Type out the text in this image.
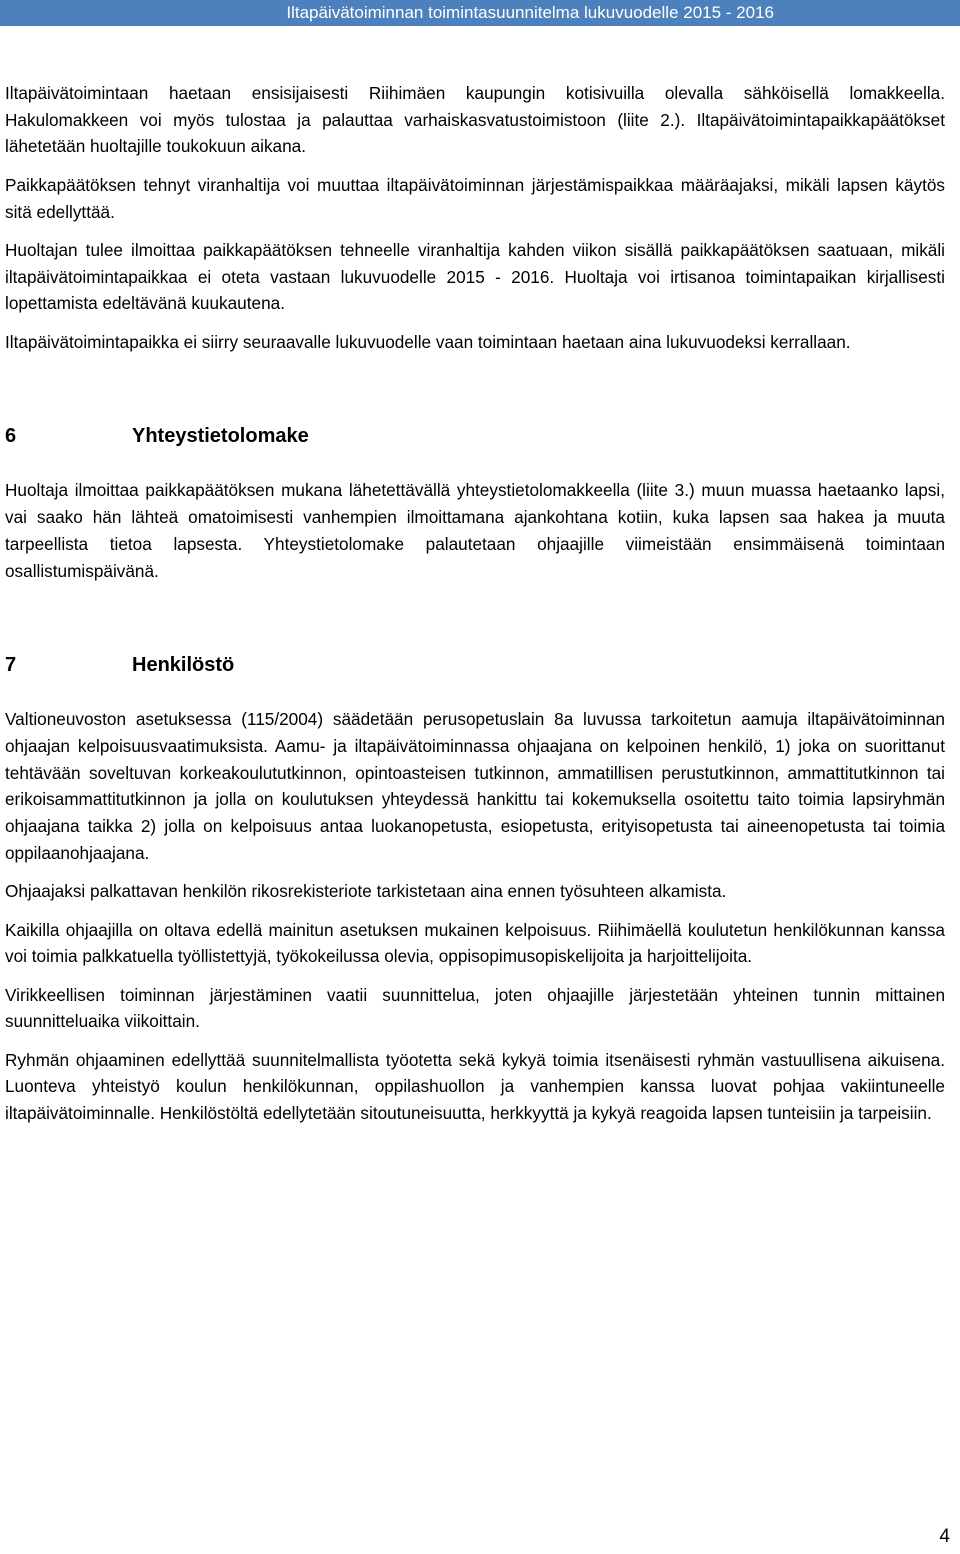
Iltapäivätoiminnan toimintasuunnitelma lukuvuodelle 2015 - 2016

Iltapäivätoimintaan haetaan ensisijaisesti Riihimäen kaupungin kotisivuilla olevalla sähköisellä lomakkeella. Hakulomakkeen voi myös tulostaa ja palauttaa varhaiskasvatustoimistoon (liite 2.). Iltapäivätoimintapaikkapäätökset lähetetään huoltajille toukokuun aikana.

Paikkapäätöksen tehnyt viranhaltija voi muuttaa iltapäivätoiminnan järjestämispaikkaa määräajaksi, mikäli lapsen käytös sitä edellyttää.

Huoltajan tulee ilmoittaa paikkapäätöksen tehneelle viranhaltija kahden viikon sisällä paikkapäätöksen saatuaan, mikäli iltapäivätoimintapaikkaa ei oteta vastaan lukuvuodelle 2015 - 2016. Huoltaja voi irtisanoa toimintapaikan kirjallisesti lopettamista edeltävänä kuukautena.

Iltapäivätoimintapaikka ei siirry seuraavalle lukuvuodelle vaan toimintaan haetaan aina lukuvuodeksi kerrallaan.

6	Yhteystietolomake

Huoltaja ilmoittaa paikkapäätöksen mukana lähetettävällä yhteystietolomakkeella (liite 3.) muun muassa haetaanko lapsi, vai saako hän lähteä omatoimisesti vanhempien ilmoittamana ajankohtana kotiin, kuka lapsen saa hakea ja muuta tarpeellista tietoa lapsesta. Yhteystietolomake palautetaan ohjaajille viimeistään ensimmäisenä toimintaan osallistumispäivänä.

7	Henkilöstö

Valtioneuvoston asetuksessa (115/2004) säädetään perusopetuslain 8a luvussa tarkoitetun aamuja iltapäivätoiminnan ohjaajan kelpoisuusvaatimuksista. Aamu- ja iltapäivätoiminnassa ohjaajana on kelpoinen henkilö, 1) joka on suorittanut tehtävään soveltuvan korkeakoulututkinnon, opintoasteisen tutkinnon, ammatillisen perustutkinnon, ammattitutkinnon tai erikoisammattitutkinnon ja jolla on koulutuksen yhteydessä hankittu tai kokemuksella osoitettu taito toimia lapsiryhmän ohjaajana taikka 2) jolla on kelpoisuus antaa luokanopetusta, esiopetusta, erityisopetusta tai aineenopetusta tai toimia oppilaanohjaajana.

Ohjaajaksi palkattavan henkilön rikosrekisteriote tarkistetaan aina ennen työsuhteen alkamista.

Kaikilla ohjaajilla on oltava edellä mainitun asetuksen mukainen kelpoisuus. Riihimäellä koulutetun henkilökunnan kanssa voi toimia palkkatuella työllistettyjä, työkokeilussa olevia, oppisopimusopiskelijoita ja harjoittelijoita.

Virikkeellisen toiminnan järjestäminen vaatii suunnittelua, joten ohjaajille järjestetään yhteinen tunnin mittainen suunnitteluaika viikoittain.

Ryhmän ohjaaminen edellyttää suunnitelmallista työotetta sekä kykyä toimia itsenäisesti ryhmän vastuullisena aikuisena. Luonteva yhteistyö koulun henkilökunnan, oppilashuollon ja vanhempien kanssa luovat pohjaa vakiintuneelle iltapäivätoiminnalle. Henkilöstöltä edellytetään sitoutuneisuutta, herkkyyttä ja kykyä reagoida lapsen tunteisiin ja tarpeisiin.

4
